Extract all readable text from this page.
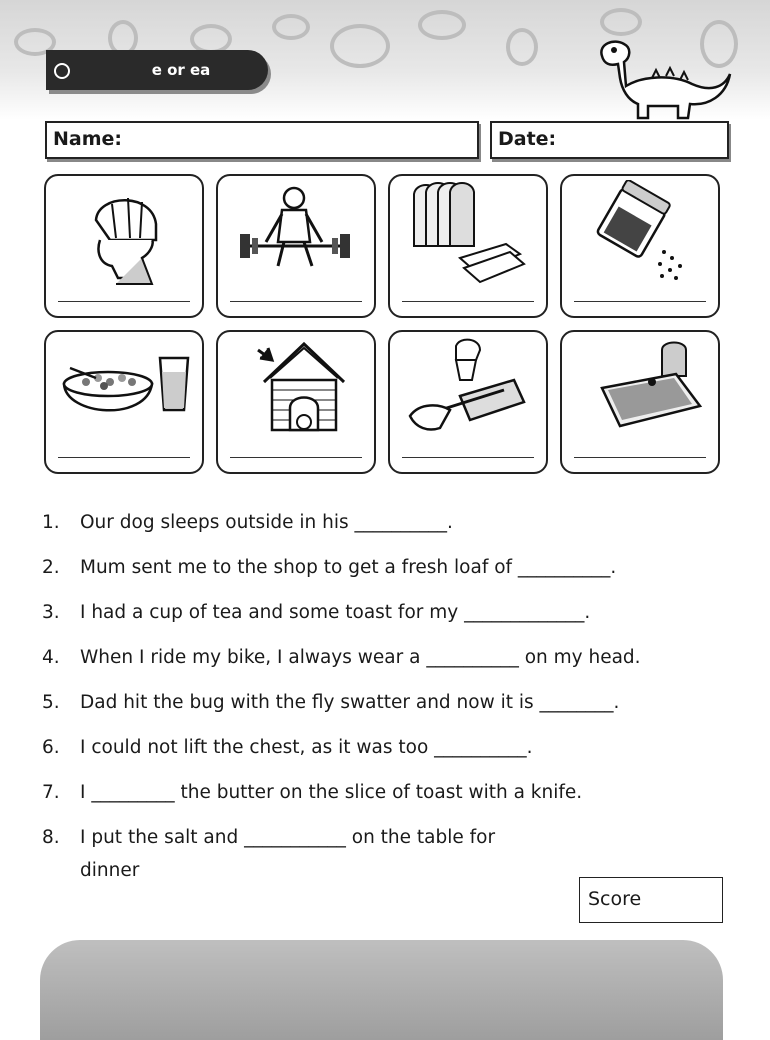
e or ea
Name:	Date:
1. Our dog sleeps outside in his __________.
2. Mum sent me to the shop to get a fresh loaf of __________.
3. I had a cup of tea and some toast for my _____________.
4. When I ride my bike, I always wear a __________ on my head.
5. Dad hit the bug with the fly swatter and now it is ________.
6. I could not lift the chest, as it was too __________.
7. I _________ the butter on the slice of toast with a knife.
8. I put the salt and ___________ on the table for dinner
Score
